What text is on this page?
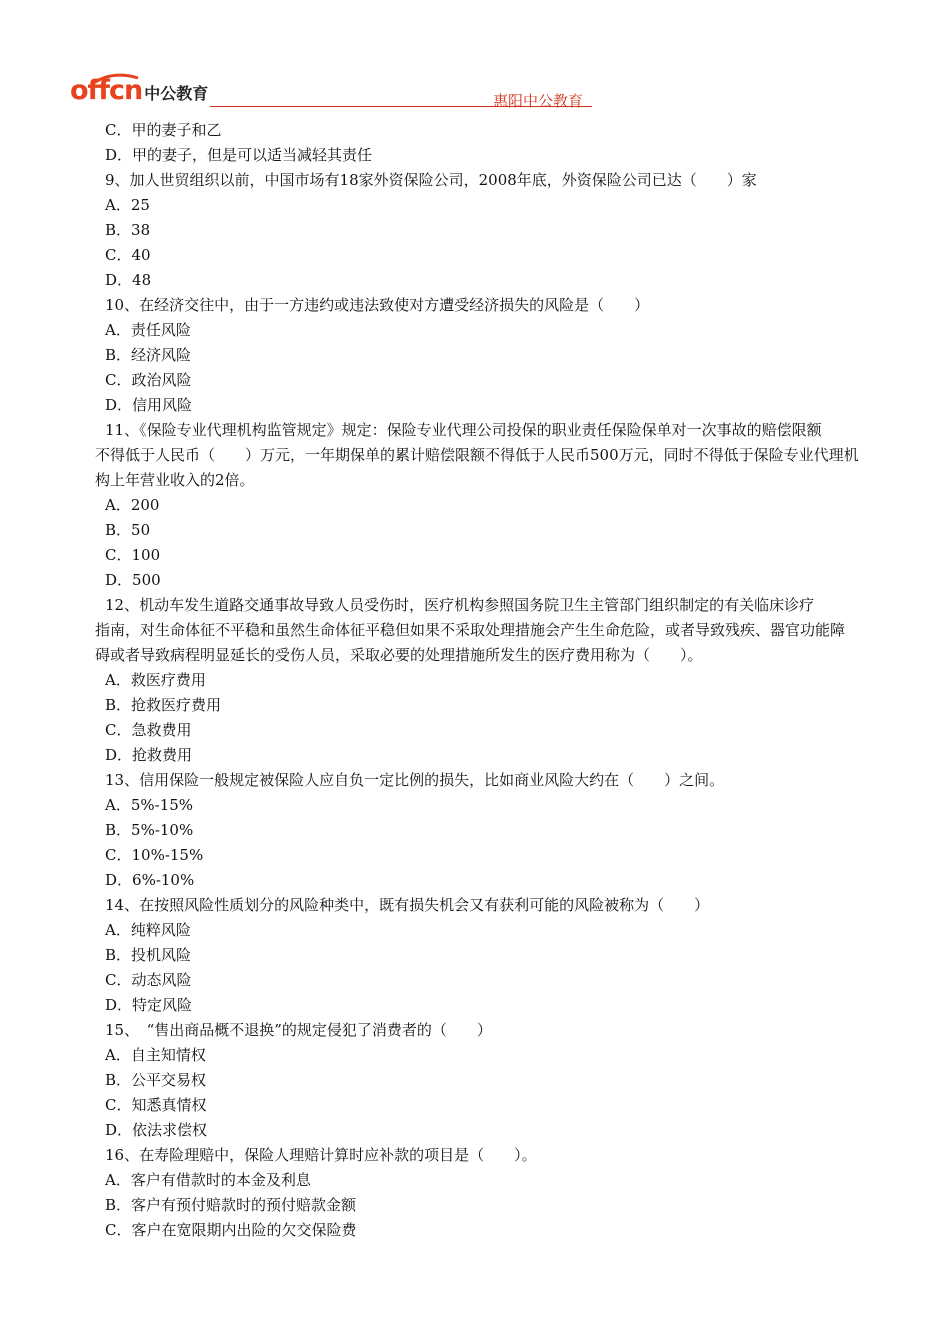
offcn 中公教育	惠阳中公教育
C．甲的妻子和乙
D．甲的妻子，但是可以适当减轻其责任
9、加人世贸组织以前，中国市场有18家外资保险公司，2008年底，外资保险公司已达（　　）家
A．25
B．38
C．40
D．48
10、在经济交往中，由于一方违约或违法致使对方遭受经济损失的风险是（　　）
A．责任风险
B．经济风险
C．政治风险
D．信用风险
11、《保险专业代理机构监管规定》规定：保险专业代理公司投保的职业责任保险保单对一次事故的赔偿限额
不得低于人民币（　　）万元，一年期保单的累计赔偿限额不得低于人民币500万元，同时不得低于保险专业代理机
构上年营业收入的2倍。
A．200
B．50
C．100
D．500
12、机动车发生道路交通事故导致人员受伤时，医疗机构参照国务院卫生主管部门组织制定的有关临床诊疗
指南，对生命体征不平稳和虽然生命体征平稳但如果不采取处理措施会产生生命危险，或者导致残疾、器官功能障
碍或者导致病程明显延长的受伤人员，采取必要的处理措施所发生的医疗费用称为（　　）。
A．救医疗费用
B．抢救医疗费用
C．急救费用
D．抢救费用
13、信用保险一般规定被保险人应自负一定比例的损失，比如商业风险大约在（　　）之间。
A．5%-15%
B．5%-10%
C．10%-15%
D．6%-10%
14、在按照风险性质划分的风险种类中，既有损失机会又有获利可能的风险被称为（　　）
A．纯粹风险
B．投机风险
C．动态风险
D．特定风险
15、　“售出商品概不退换”的规定侵犯了消费者的（　　）
A．自主知情权
B．公平交易权
C．知悉真情权
D．依法求偿权
16、在寿险理赔中，保险人理赔计算时应补款的项目是（　　）。
A．客户有借款时的本金及利息
B．客户有预付赔款时的预付赔款金额
C．客户在宽限期内出险的欠交保险费
